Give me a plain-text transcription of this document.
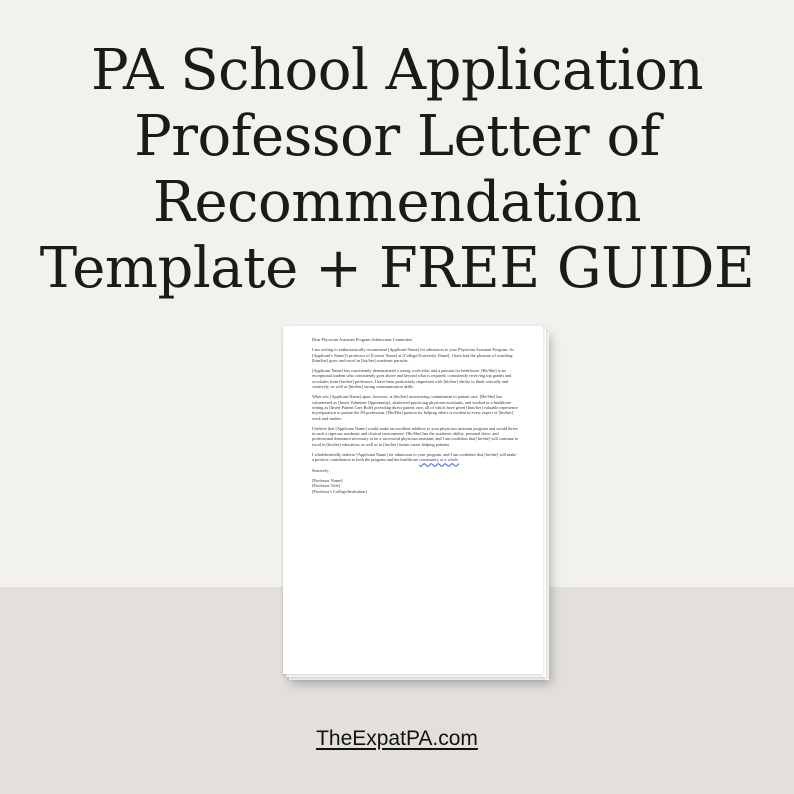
PA School Application
Professor Letter of
Recommendation
Template + FREE GUIDE

Dear Physician Assistant Program Admissions Committee,

I am writing to enthusiastically recommend [Applicant Name] for admission to your Physician Assistant Program. As [Applicant's Name]'s professor of [Course Name] at [College/University Name], I have had the pleasure of watching [him/her] grow and excel in [his/her] academic pursuits.

[Applicant Name] has consistently demonstrated a strong work ethic and a passion for healthcare. [He/She] is an exceptional student who consistently goes above and beyond what is required, consistently receiving top grades and accolades from [his/her] professors. I have been particularly impressed with [his/her] ability to think critically and creatively, as well as [his/her] strong communication skills.

What sets [Applicant Name] apart, however, is [his/her] unwavering commitment to patient care. [He/She] has volunteered as [Insert Volunteer Opportunity], shadowed practicing physician assistants, and worked in a healthcare setting as [Insert Patient Care Role] providing direct patient care, all of which have given [him/her] valuable experience in preparation to pursue the PA profession. [His/Her] passion for helping others is evident in every aspect of [his/her] work and studies.

I believe that [Applicant Name] would make an excellent addition to your physician assistant program and would thrive in such a rigorous academic and clinical environment. [He/She] has the academic ability, personal drive, and professional demeanor necessary to be a successful physician assistant, and I am confident that [he/she] will continue to excel in [his/her] education, as well as in [his/her] future career helping patients.

I wholeheartedly endorse [Applicant Name] for admission to your program, and I am confident that [he/she] will make a positive contribution to both the program and the healthcare community as a whole.

Sincerely,

[Professor Name]

[Professor Title]

[Professor's College/Institution]

TheExpatPA.com
